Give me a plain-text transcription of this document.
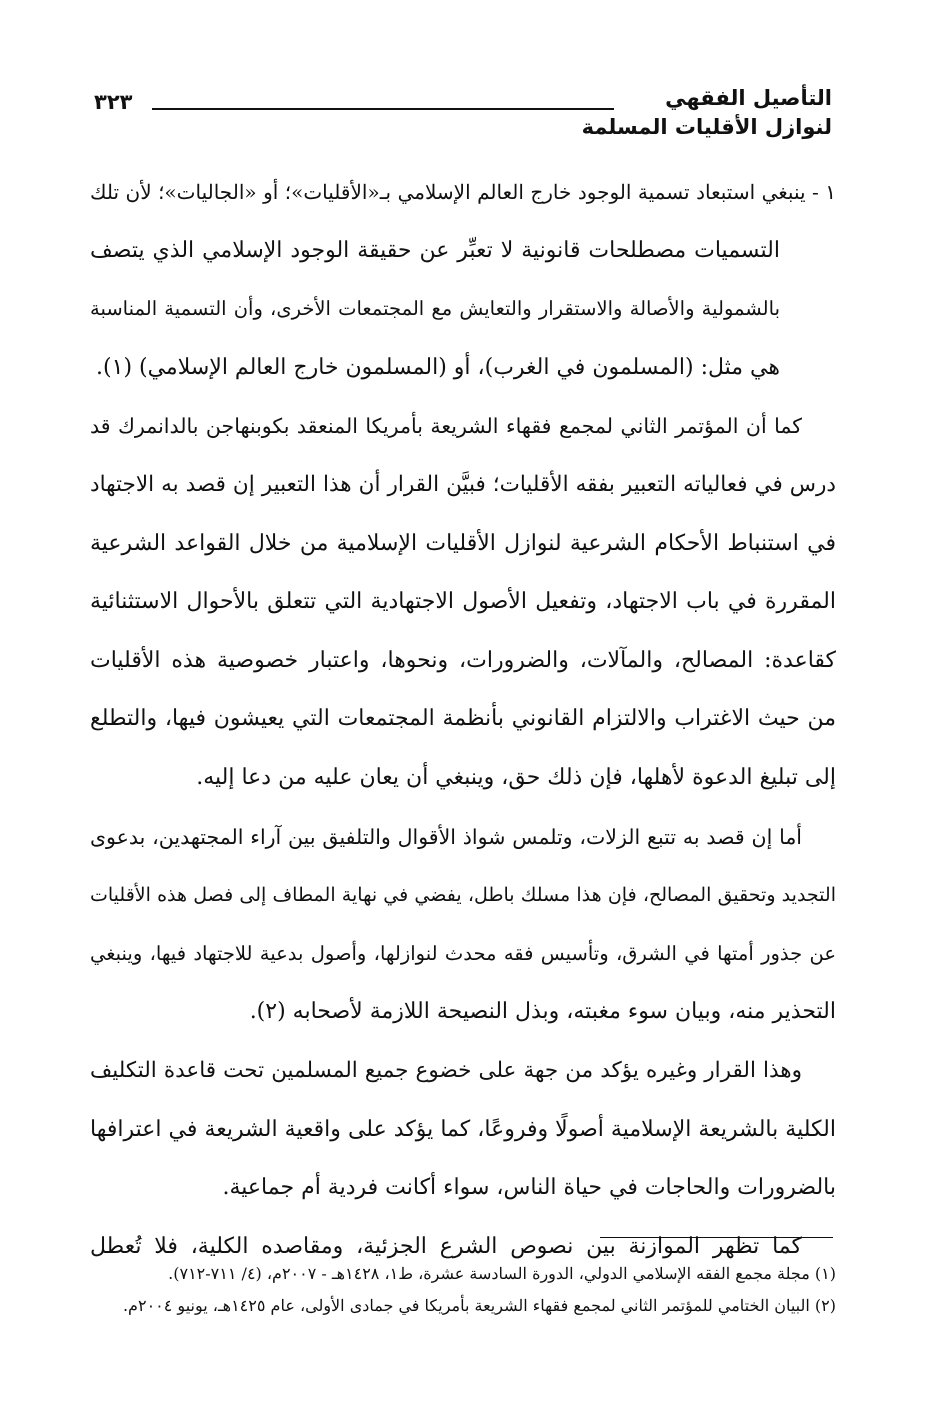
التأصيل الفقهي
لنوازل الأقليات المسلمة
٣٢٣
١ - ينبغي استبعاد تسمية الوجود خارج العالم الإسلامي بـ«الأقليات»؛ أو «الجاليات»؛ لأن تلك
التسميات مصطلحات قانونية لا تعبِّر عن حقيقة الوجود الإسلامي الذي يتصف
بالشمولية والأصالة والاستقرار والتعايش مع المجتمعات الأخرى، وأن التسمية المناسبة
هي مثل: (المسلمون في الغرب)، أو (المسلمون خارج العالم الإسلامي) (١).
كما أن المؤتمر الثاني لمجمع فقهاء الشريعة بأمريكا المنعقد بكوبنهاجن بالدانمرك قد
درس في فعالياته التعبير بفقه الأقليات؛ فبيَّن القرار أن هذا التعبير إن قصد به الاجتهاد
في استنباط الأحكام الشرعية لنوازل الأقليات الإسلامية من خلال القواعد الشرعية
المقررة في باب الاجتهاد، وتفعيل الأصول الاجتهادية التي تتعلق بالأحوال الاستثنائية
كقاعدة: المصالح، والمآلات، والضرورات، ونحوها، واعتبار خصوصية هذه الأقليات
من حيث الاغتراب والالتزام القانوني بأنظمة المجتمعات التي يعيشون فيها، والتطلع
إلى تبليغ الدعوة لأهلها، فإن ذلك حق، وينبغي أن يعان عليه من دعا إليه.
أما إن قصد به تتبع الزلات، وتلمس شواذ الأقوال والتلفيق بين آراء المجتهدين، بدعوى
التجديد وتحقيق المصالح، فإن هذا مسلك باطل، يفضي في نهاية المطاف إلى فصل هذه الأقليات
عن جذور أمتها في الشرق، وتأسيس فقه محدث لنوازلها، وأصول بدعية للاجتهاد فيها، وينبغي
التحذير منه، وبيان سوء مغبته، وبذل النصيحة اللازمة لأصحابه (٢).
وهذا القرار وغيره يؤكد من جهة على خضوع جميع المسلمين تحت قاعدة التكليف
الكلية بالشريعة الإسلامية أصولًا وفروعًا، كما يؤكد على واقعية الشريعة في اعترافها
بالضرورات والحاجات في حياة الناس، سواء أكانت فردية أم جماعية.
كما تظهر الموازنة بين نصوص الشرع الجزئية، ومقاصده الكلية، فلا تُعطل
(١) مجلة مجمع الفقه الإسلامي الدولي، الدورة السادسة عشرة، ط١، ١٤٢٨هـ - ٢٠٠٧م، (٤/ ٧١١-٧١٢).
(٢) البيان الختامي للمؤتمر الثاني لمجمع فقهاء الشريعة بأمريكا في جمادى الأولى، عام ١٤٢٥هـ، يونيو ٢٠٠٤م.
